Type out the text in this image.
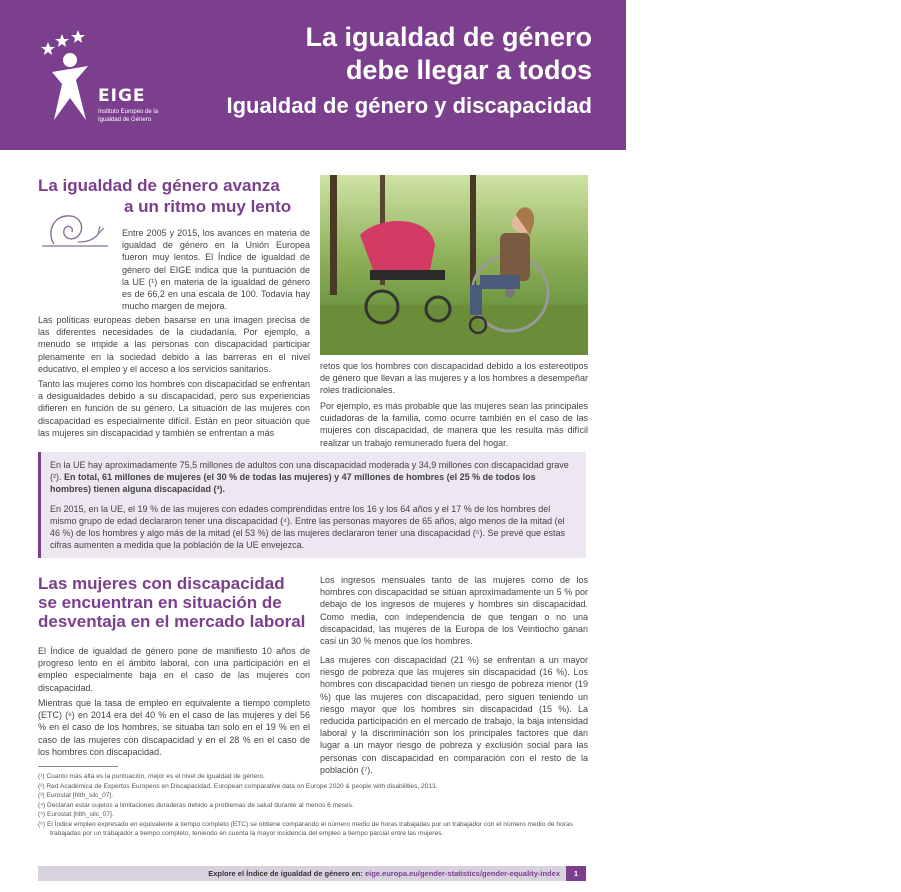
EIGE
Instituto Europeo de la Igualdad de Género
La igualdad de género
debe llegar a todos
Igualdad de género y discapacidad
La igualdad de género avanza
a un ritmo muy lento

Entre 2005 y 2015, los avances en materia de igualdad de género en la Unión Europea fueron muy lentos. El Índice de igualdad de género del EIGE indica que la puntuación de la UE (¹) en materia de la igualdad de género es de 66,2 en una escala de 100. Todavía hay mucho margen de mejora.

Las políticas europeas deben basarse en una imagen precisa de las diferentes necesidades de la ciudadanía. Por ejemplo, a menudo se impide a las personas con discapacidad participar plenamente en la sociedad debido a las barreras en el nivel educativo, el empleo y el acceso a los servicios sanitarios.

Tanto las mujeres como los hombres con discapacidad se enfrentan a desigualdades debido a su discapacidad, pero sus experiencias difieren en función de su género. La situación de las mujeres con discapacidad es especialmente difícil. Están en peor situación que las mujeres sin discapacidad y también se enfrentan a más

retos que los hombres con discapacidad debido a los estereotipos de género que llevan a las mujeres y a los hombres a desempeñar roles tradicionales.

Por ejemplo, es más probable que las mujeres sean las principales cuidadoras de la familia, como ocurre también en el caso de las mujeres con discapacidad, de manera que les resulta más difícil realizar un trabajo remunerado fuera del hogar.

© lopatuka/Shutterstock.com

En la UE hay aproximadamente 75,5 millones de adultos con una discapacidad moderada y 34,9 millones con discapacidad grave (²). En total, 61 millones de mujeres (el 30 % de todas las mujeres) y 47 millones de hombres (el 25 % de todos los hombres) tienen alguna discapacidad (³).

En 2015, en la UE, el 19 % de las mujeres con edades comprendidas entre los 16 y los 64 años y el 17 % de los hombres del mismo grupo de edad declararon tener una discapacidad (⁴). Entre las personas mayores de 65 años, algo menos de la mitad (el 46 %) de los hombres y algo más de la mitad (el 53 %) de las mujeres declararon tener una discapacidad (⁵). Se prevé que estas cifras aumenten a medida que la población de la UE envejezca.

Las mujeres con discapacidad se encuentran en situación de desventaja en el mercado laboral

El Índice de igualdad de género pone de manifiesto 10 años de progreso lento en el ámbito laboral, con una participación en el empleo especialmente baja en el caso de las mujeres con discapacidad.

Mientras que la tasa de empleo en equivalente a tiempo completo (ETC) (⁶) en 2014 era del 40 % en el caso de las mujeres y del 56 % en el caso de los hombres, se situaba tan solo en el 19 % en el caso de las mujeres con discapacidad y en el 28 % en el caso de los hombres con discapacidad.

Los ingresos mensuales tanto de las mujeres como de los hombres con discapacidad se sitúan aproximadamente un 5 % por debajo de los ingresos de mujeres y hombres sin discapacidad. Como media, con independencia de que tengan o no una discapacidad, las mujeres de la Europa de los Veintiocho ganan casi un 30 % menos que los hombres.

Las mujeres con discapacidad (21 %) se enfrentan a un mayor riesgo de pobreza que las mujeres sin discapacidad (16 %). Los hombres con discapacidad tienen un riesgo de pobreza menor (19 %) que las mujeres con discapacidad, pero siguen teniendo un riesgo mayor que los hombres sin discapacidad (15 %). La reducida participación en el mercado de trabajo, la baja intensidad laboral y la discriminación son los principales factores que dan lugar a un mayor riesgo de pobreza y exclusión social para las personas con discapacidad en comparación con el resto de la población (⁷).

(¹) Cuanto más alta es la puntuación, mejor es el nivel de igualdad de género.
(²) Red Académica de Expertos Europeos en Discapacidad, European comparative data on Europe 2020 & people with disabilities, 2013.
(³) Eurostat [hlth_silc_07].
(⁴) Declaran estar sujetos a limitaciones duraderas debido a problemas de salud durante al menos 6 meses.
(⁵) Eurostat [hlth_silc_07].
(⁶) El Índice empleo expresado en equivalente a tiempo completo (ETC) se obtiene comparando el número medio de horas trabajadas por un trabajador con el número medio de horas trabajadas por un trabajador a tiempo completo, teniendo en cuenta la mayor incidencia del empleo a tiempo parcial entre las mujeres.
Explore el Índice de igualdad de género en: eige.europa.eu/gender-statistics/gender-equality-index	1
